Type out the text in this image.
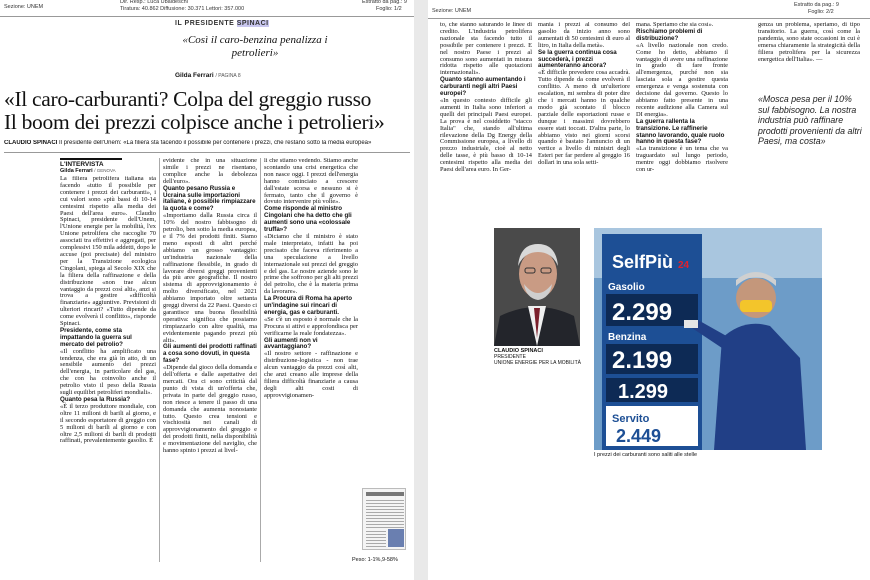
Sezione: UNEM
Dir. Resp.: Luca Ubaldeschi
Tiratura: 40.862 Diffusione: 30.371 Lettori: 357.000
Estratto da pag.: 9
Foglio: 1/2
IL PRESIDENTE SPINACI
«Così il caro-benzina penalizza i petrolieri»
Gilda Ferrari / PAGINA 8
«Il caro-carburanti? Colpa del greggio russo
Il boom dei prezzi colpisce anche i petrolieri»
CLAUDIO SPINACI Il presidente dell'Unem: «La filiera sta facendo il possibile per contenere i prezzi, che restano sotto la media europea»
L'INTERVISTA
Gilda Ferrari / GENOVA

La filiera petrolifera italiana sta facendo «tutto il possibile per contenere i prezzi dei carburanti», i cui valori sono «più bassi di 10-14 centesimi rispetto alla media dei Paesi dell'area euro». Claudio Spinaci, presidente dell'Unem, l'Unione energie per la mobilità, l'ex Unione petrolifera che raccoglie 70 associati tra effettivi e aggregati, per complessivi 150 mila addetti, dopo le accuse (poi precisate) del ministro per la Transizione ecologica Cingolani, spiega al Secolo XIX che la filiera della raffinazione e della distribuzione «non trae alcun vantaggio da prezzi così alti», anzi si trova a gestire «difficoltà finanziarie» aggiuntive. Previsioni di ulteriori rincari? «Tutto dipende da come evolverà il conflitto», risponde Spinaci.

Presidente, come sta impattando la guerra sul mercato del petrolio?

«Il conflitto ha amplificato una tendenza, che era già in atto, di un sensibile aumento dei prezzi dell'energia, in particolare del gas, che con ha coinvolto anche il petrolio visto il peso della Russia sugli equilibri petroliferi mondiali».

Quanto pesa la Russia?

«È il terzo produttore mondiale, con oltre 11 milioni di barili al giorno, e il secondo esportatore di greggio con 5 milioni di barili al giorno e con oltre 2,5 milioni di barili di prodotti raffinati, prevalentemente gasolio. È

evidente che in una situazione simile i prezzi ne risentano, complice anche la debolezza dell'euro».

Quanto pesano Russia e Ucraina sulle importazioni italiane, è possibile rimpiazzare la quota e come?

«Importiamo dalla Russia circa il 10% del nostro fabbisogno di petrolio, ben sotto la media europea, e il 7% dei prodotti finiti. Siamo meno esposti di altri perché abbiamo un grosso vantaggio: un'industria nazionale della raffinazione flessibile, in grado di lavorare diversi greggi provenienti da più aree geografiche. Il nostro sistema di approvvigionamento è molto diversificato, nel 2021 abbiamo importato oltre settanta greggi diversi da 22 Paesi. Questo ci garantisce una buona flessibilità operativa: significa che possiamo rimpiazzarlo con altre qualità, ma evidentemente pagando prezzi più alti».

Gli aumenti dei prodotti raffinati a cosa sono dovuti, in questa fase?

«Dipende dal gioco della domanda e dell'offerta e dalle aspettative dei mercati. Ora ci sono criticità dal punto di vista di un'offerta che, privata in parte del greggio russo, non riesce a tenere il passo di una domanda che aumenta nonostante tutto. Questo crea tensioni e vischiosità nei canali di approvvigionamento del greggio e dei prodotti finiti, nella disponibilità e movimentazione del naviglio, che hanno spinto i prezzi ai livel-

li che stiamo vedendo. Stiamo anche scontando una crisi energetica che non nasce oggi. I prezzi dell'energia hanno cominciato a crescere dall'estate scorsa e nessuno si è fermato, tanto che il governo è dovuto intervenire più volte».

Come risponde al ministro Cingolani che ha detto che gli aumenti sono una «colossale truffa»?

«Diciamo che il ministro è stato male interpretato, infatti ha poi precisato che faceva riferimento a una speculazione a livello internazionale sui prezzi del greggio e del gas. Le nostre aziende sono le prime che soffrono per gli alti prezzi del petrolio, che è la materia prima da lavorare».

La Procura di Roma ha aperto un'indagine sui rincari di energia, gas e carburanti.

«Se c'è un esposto è normale che la Procura si attivi e approfondisca per verificarne la reale fondatezza».

Gli aumenti non vi avvantaggiano?

«Il nostro settore - raffinazione e distribuzione-logistica - non trae alcun vantaggio da prezzi così alti, che anzi creano alle imprese della filiera difficoltà finanziarie a causa degli alti costi di approvvigionamen-

Peso: 1-1%,9-58%
Sezione: UNEM
Estratto da pag.: 9
Foglio: 2/2

to, che stanno saturando le linee di credito. L'industria petrolifera nazionale sta facendo tutto il possibile per contenere i prezzi. E nel nostro Paese i prezzi al consumo sono aumentati in misura ridotta rispetto alle quotazioni internazionali».

Quanto stanno aumentando i carburanti negli altri Paesi europei?

«In questo contesto difficile gli aumenti in Italia sono inferiori a quelli dei principali Paesi europei. La prova è nel cosiddetto "stacco Italia" che, stando all'ultima rilevazione della Dg Energy della Commissione europea, a livello di prezzo industriale, cioè al netto delle tasse, è più basso di 10-14 centesimi rispetto alla media dei Paesi dell'area euro. In Ger-

mania i prezzi al consumo del gasolio da inizio anno sono aumentati di 50 centesimi di euro al litro, in Italia della metà».

Se la guerra continua cosa succederà, i prezzi aumenteranno ancora?

«È difficile prevedere cosa accadrà. Tutto dipende da come evolverà il conflitto. A meno di un'ulteriore escalation, mi sembra di poter dire che i mercati hanno in qualche modo già scontato il blocco parziale delle esportazioni russe e dunque i massimi dovrebbero essere stati toccati. D'altra parte, lo abbiamo visto nei giorni scorsi quando è bastato l'annuncio di un vertice a livello di ministri degli Esteri per far perdere al greggio 16 dollari in una sola setti-

mana. Speriamo che sia così».

Rischiamo problemi di distribuzione?

«A livello nazionale non credo. Come ho detto, abbiamo il vantaggio di avere una raffinazione in grado di fare fronte all'emergenza, purché non sia lasciata sola a gestire questa emergenza e venga sostenuta con decisione dal governo. Questo lo abbiamo fatto presente in una recente audizione alla Camera sul DI energia».

La guerra rallenta la transizione. Le raffinerie stanno lavorando, quale ruolo hanno in questa fase?

«La transizione è un tema che va traguardato sul lungo periodo, mentre oggi dobbiamo risolvere con ur-

genza un problema, speriamo, di tipo transitorio. La guerra, così come la pandemia, sono state occasioni in cui è emersa chiaramente la strategicità della filiera petrolifera per la sicurezza energetica dell'Italia». —

«Mosca pesa per il 10% sul fabbisogno. La nostra industria può raffinare prodotti provenienti da altri Paesi, ma costa»
CLAUDIO SPINACI
PRESIDENTE
UNIONE ENERGIE PER LA MOBILITÀ
SelfPiù 24
Gasolio
2.299
Benzina
2.199
1.299
Servito
2.449
I prezzi dei carburanti sono saliti alle stelle
